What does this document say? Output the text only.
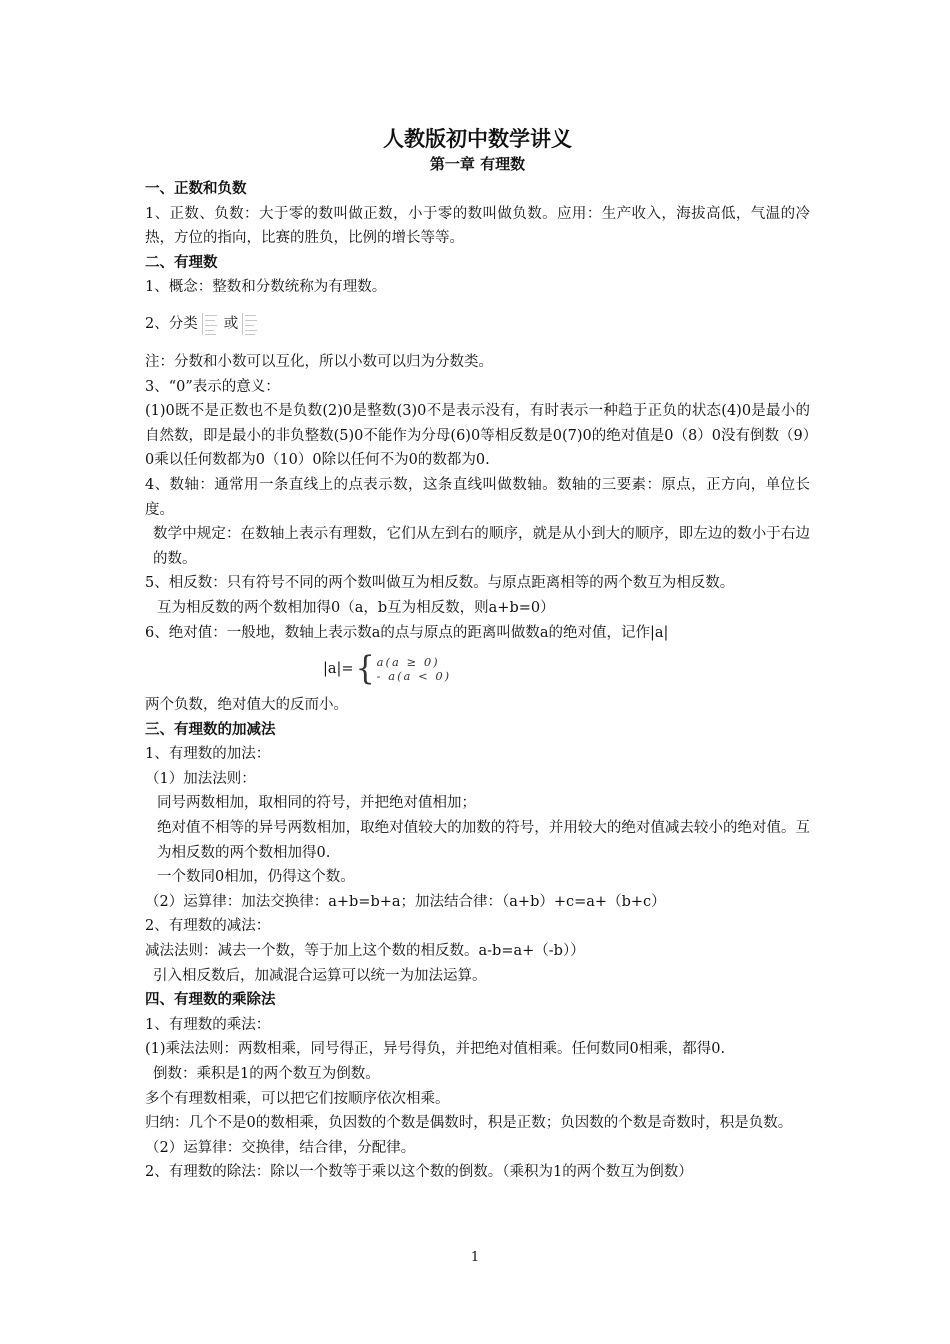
人教版初中数学讲义

第一章 有理数

一、正数和负数

1、正数、负数：大于零的数叫做正数，小于零的数叫做负数。应用：生产收入，海拔高低，气温的冷热，方位的指向，比赛的胜负，比例的增长等等。

二、有理数

1、概念：整数和分数统称为有理数。

2、分类 或

注：分数和小数可以互化，所以小数可以归为分数类。

3、“0”表示的意义：

(1)0既不是正数也不是负数(2)0是整数(3)0不是表示没有，有时表示一种趋于正负的状态(4)0是最小的自然数，即是最小的非负整数(5)0不能作为分母(6)0等相反数是0(7)0的绝对值是0（8）0没有倒数（9）0乘以任何数都为0（10）0除以任何不为0的数都为0.

4、数轴：通常用一条直线上的点表示数，这条直线叫做数轴。数轴的三要素：原点，正方向，单位长度。

数学中规定：在数轴上表示有理数，它们从左到右的顺序，就是从小到大的顺序，即左边的数小于右边的数。

5、相反数：只有符号不同的两个数叫做互为相反数。与原点距离相等的两个数互为相反数。

互为相反数的两个数相加得0（a，b互为相反数，则a+b=0）

6、绝对值：一般地，数轴上表示数a的点与原点的距离叫做数a的绝对值，记作|a|

|a|= { a(a ≥ 0)
- a(a < 0)

两个负数，绝对值大的反而小。

三、有理数的加减法

1、有理数的加法：

（1）加法法则：

同号两数相加，取相同的符号，并把绝对值相加；

绝对值不相等的异号两数相加，取绝对值较大的加数的符号，并用较大的绝对值减去较小的绝对值。互为相反数的两个数相加得0.

一个数同0相加，仍得这个数。

（2）运算律：加法交换律：a+b=b+a；加法结合律：（a+b）+c=a+（b+c）

2、有理数的减法：

减法法则：减去一个数，等于加上这个数的相反数。a-b=a+（-b））

引入相反数后，加减混合运算可以统一为加法运算。

四、有理数的乘除法

1、有理数的乘法：

(1)乘法法则：两数相乘，同号得正，异号得负，并把绝对值相乘。任何数同0相乘，都得0.

倒数：乘积是1的两个数互为倒数。

多个有理数相乘，可以把它们按顺序依次相乘。

归纳：几个不是0的数相乘，负因数的个数是偶数时，积是正数；负因数的个数是奇数时，积是负数。

（2）运算律：交换律，结合律，分配律。

2、有理数的除法：除以一个数等于乘以这个数的倒数。（乘积为1的两个数互为倒数）

1
